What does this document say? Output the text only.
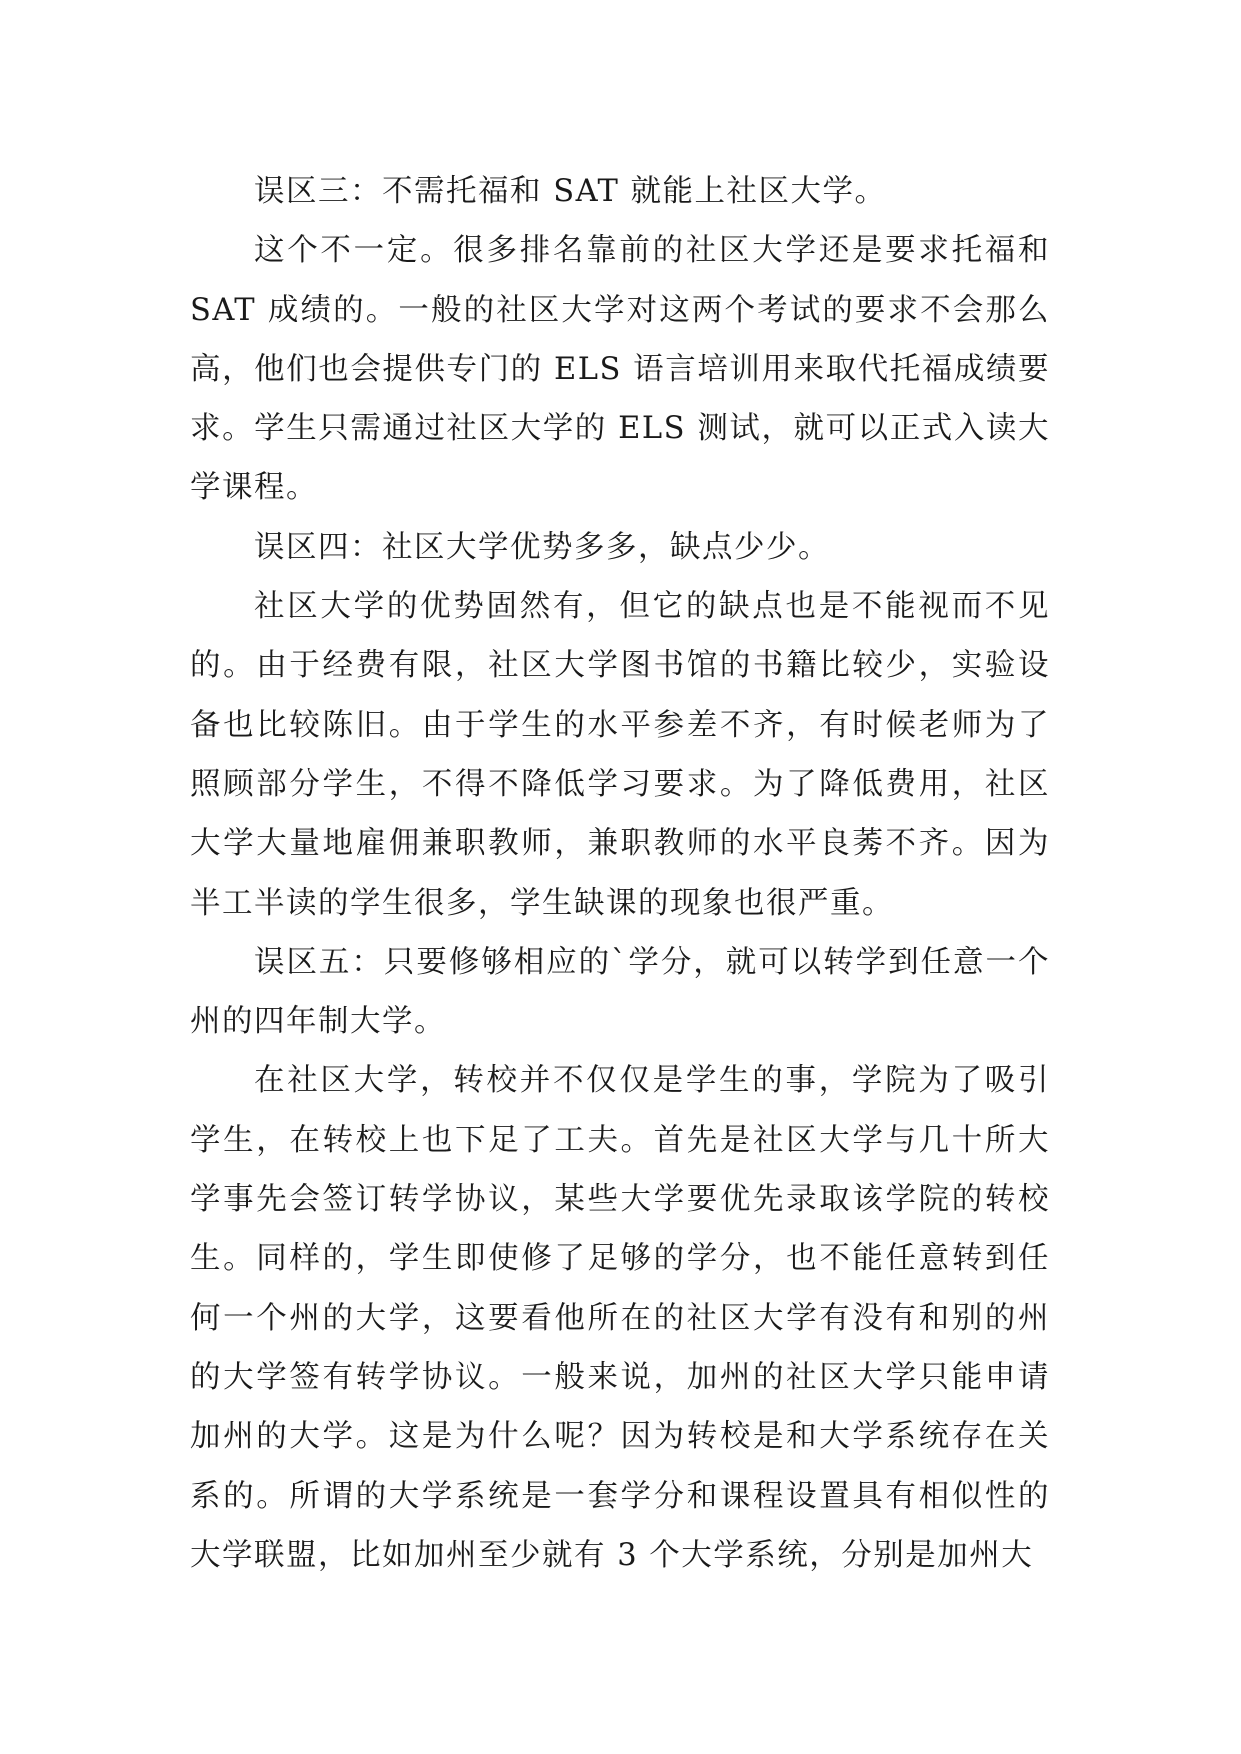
误区三：不需托福和 SAT 就能上社区大学。

这个不一定。很多排名靠前的社区大学还是要求托福和 SAT 成绩的。一般的社区大学对这两个考试的要求不会那么高，他们也会提供专门的 ELS 语言培训用来取代托福成绩要求。学生只需通过社区大学的 ELS 测试，就可以正式入读大学课程。

误区四：社区大学优势多多，缺点少少。

社区大学的优势固然有，但它的缺点也是不能视而不见的。由于经费有限，社区大学图书馆的书籍比较少，实验设备也比较陈旧。由于学生的水平参差不齐，有时候老师为了照顾部分学生，不得不降低学习要求。为了降低费用，社区大学大量地雇佣兼职教师，兼职教师的水平良莠不齐。因为半工半读的学生很多，学生缺课的现象也很严重。

误区五：只要修够相应的`学分，就可以转学到任意一个州的四年制大学。

在社区大学，转校并不仅仅是学生的事，学院为了吸引学生，在转校上也下足了工夫。首先是社区大学与几十所大学事先会签订转学协议，某些大学要优先录取该学院的转校生。同样的，学生即使修了足够的学分，也不能任意转到任何一个州的大学，这要看他所在的社区大学有没有和别的州的大学签有转学协议。一般来说，加州的社区大学只能申请加州的大学。这是为什么呢？因为转校是和大学系统存在关系的。所谓的大学系统是一套学分和课程设置具有相似性的大学联盟，比如加州至少就有 3 个大学系统，分别是加州大
